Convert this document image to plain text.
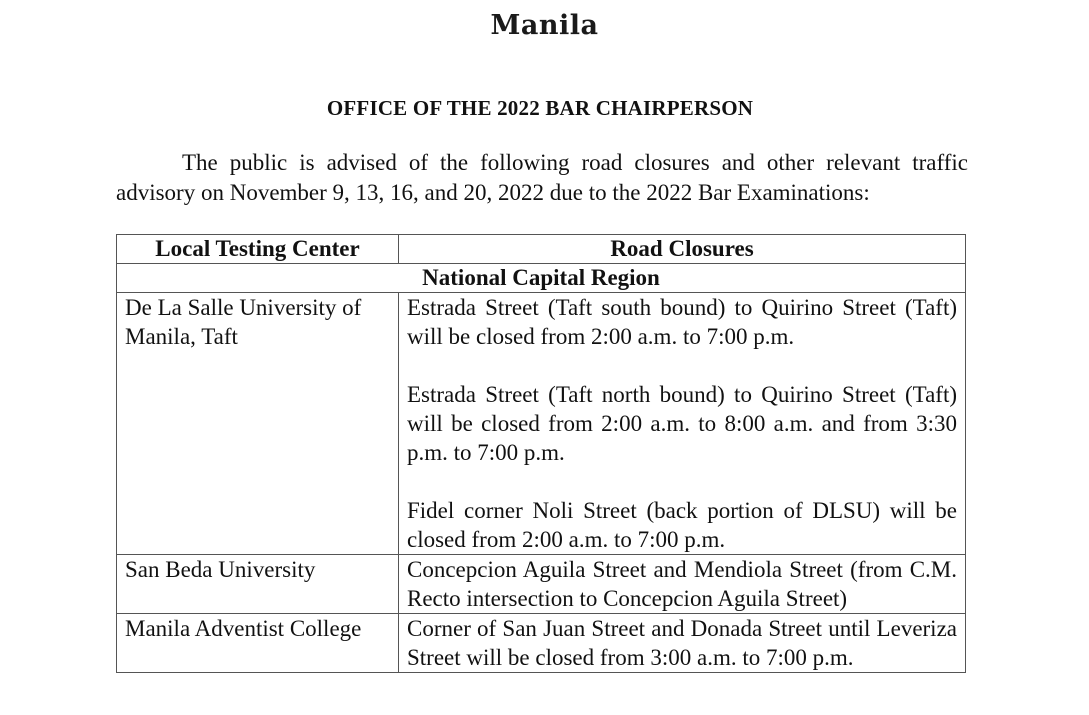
Manila
OFFICE OF THE 2022 BAR CHAIRPERSON

The public is advised of the following road closures and other relevant traffic advisory on November 9, 13, 16, and 20, 2022 due to the 2022 Bar Examinations:

Local Testing Center	Road Closures
National Capital Region	
De La Salle University of Manila, Taft	Estrada Street (Taft south bound) to Quirino Street (Taft) will be closed from 2:00 a.m. to 7:00 p.m.

Estrada Street (Taft north bound) to Quirino Street (Taft) will be closed from 2:00 a.m. to 8:00 a.m. and from 3:30 p.m. to 7:00 p.m.

Fidel corner Noli Street (back portion of DLSU) will be closed from 2:00 a.m. to 7:00 p.m.

San Beda University	Concepcion Aguila Street and Mendiola Street (from C.M. Recto intersection to Concepcion Aguila Street)

Manila Adventist College	Corner of San Juan Street and Donada Street until Leveriza Street will be closed from 3:00 a.m. to 7:00 p.m.
